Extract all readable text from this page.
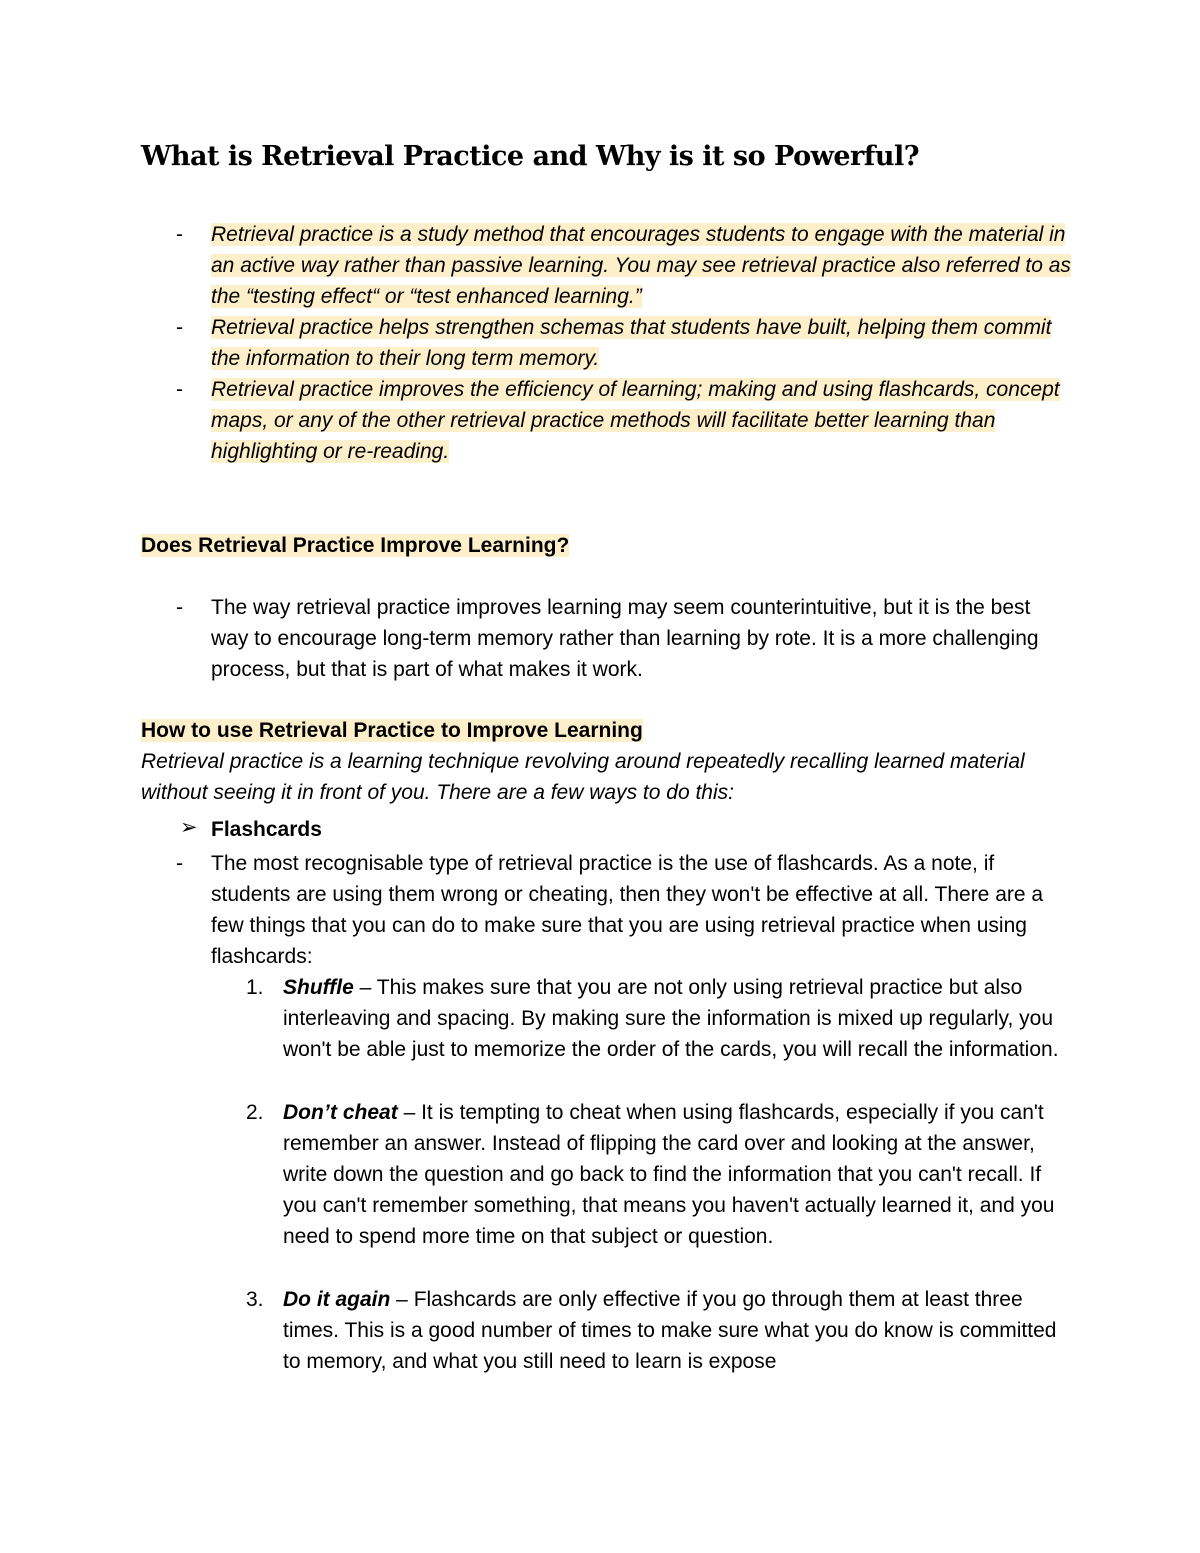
What is Retrieval Practice and Why is it so Powerful?
- Retrieval practice is a study method that encourages students to engage with the material in an active way rather than passive learning. You may see retrieval practice also referred to as the “testing effect“ or “test enhanced learning.”
- Retrieval practice helps strengthen schemas that students have built, helping them commit the information to their long term memory.
- Retrieval practice improves the efficiency of learning; making and using flashcards, concept maps, or any of the other retrieval practice methods will facilitate better learning than highlighting or re-reading.
Does Retrieval Practice Improve Learning?
- The way retrieval practice improves learning may seem counterintuitive, but it is the best way to encourage long-term memory rather than learning by rote. It is a more challenging process, but that is part of what makes it work.
How to use Retrieval Practice to Improve Learning
Retrieval practice is a learning technique revolving around repeatedly recalling learned material without seeing it in front of you. There are a few ways to do this:
➢ Flashcards
- The most recognisable type of retrieval practice is the use of flashcards. As a note, if students are using them wrong or cheating, then they won't be effective at all. There are a few things that you can do to make sure that you are using retrieval practice when using flashcards:
1. Shuffle – This makes sure that you are not only using retrieval practice but also interleaving and spacing. By making sure the information is mixed up regularly, you won't be able just to memorize the order of the cards, you will recall the information.
2. Don’t cheat – It is tempting to cheat when using flashcards, especially if you can't remember an answer. Instead of flipping the card over and looking at the answer, write down the question and go back to find the information that you can't recall. If you can't remember something, that means you haven't actually learned it, and you need to spend more time on that subject or question.
3. Do it again – Flashcards are only effective if you go through them at least three times. This is a good number of times to make sure what you do know is committed to memory, and what you still need to learn is expose
